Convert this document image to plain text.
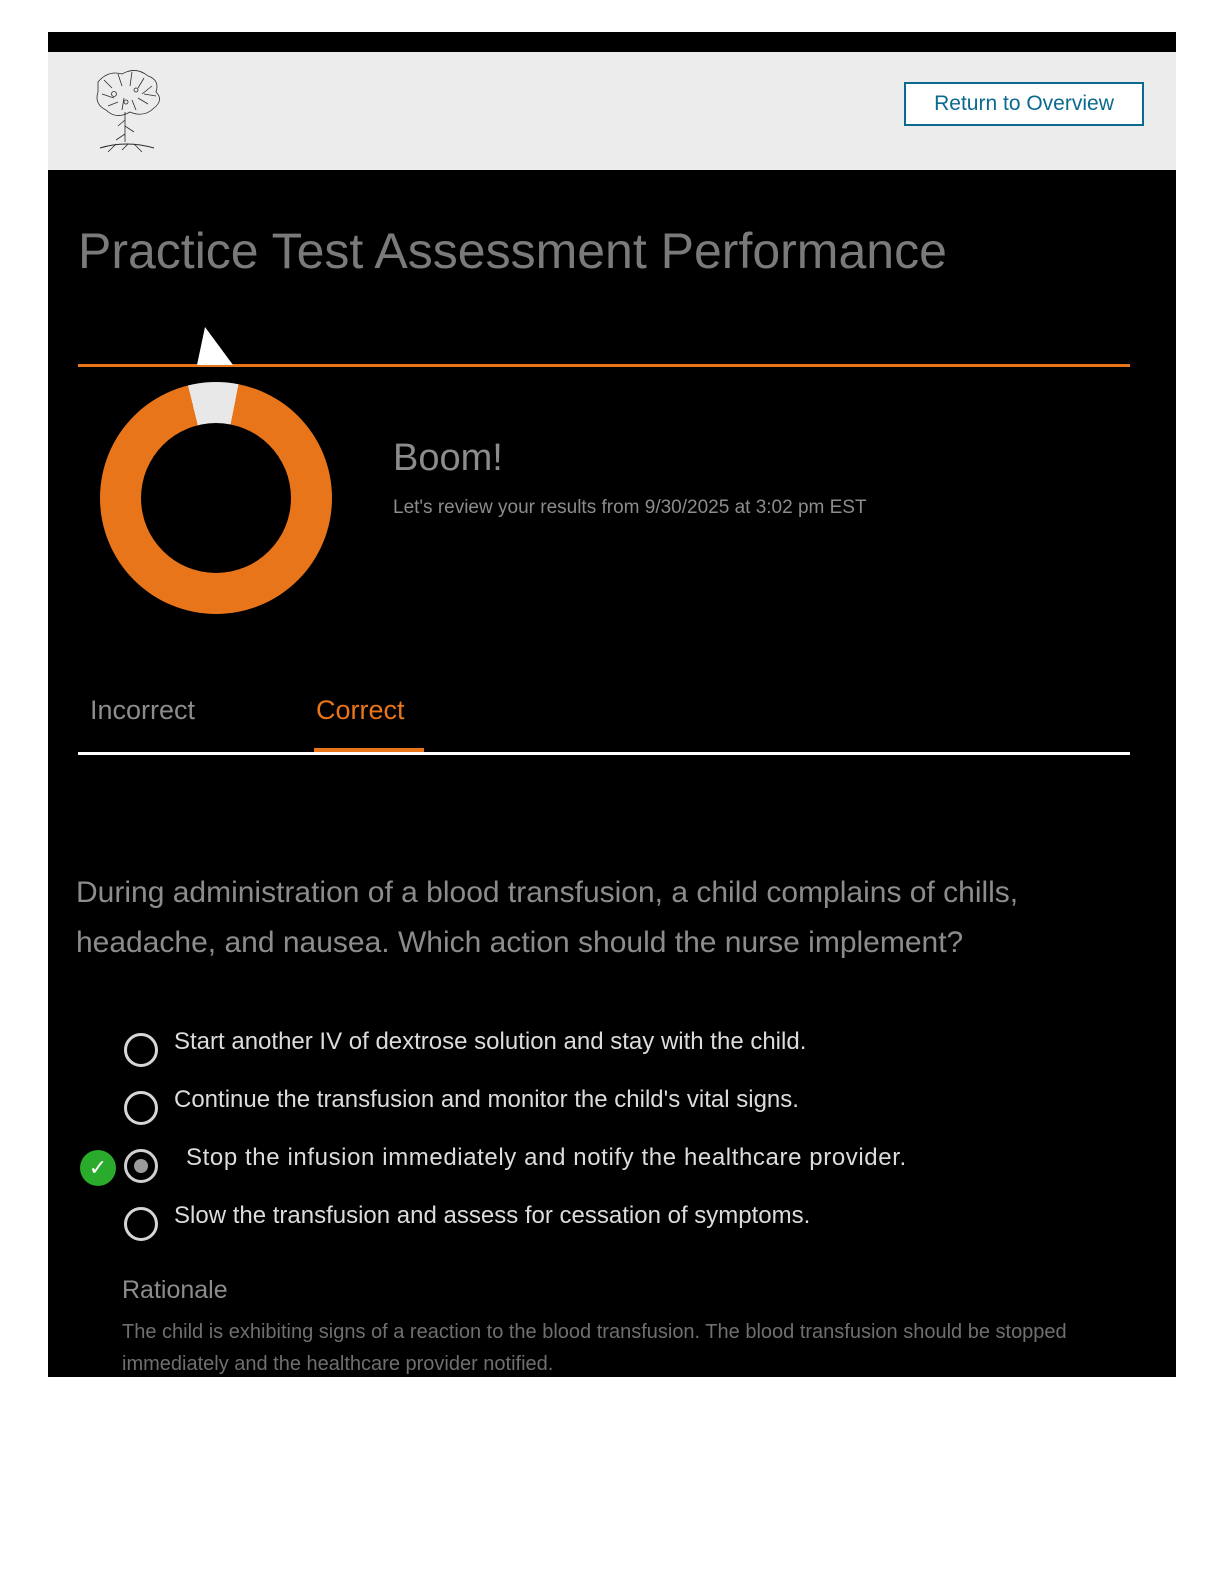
Return to Overview
Practice Test Assessment Performance
Boom!
Let's review your results from 9/30/2025 at 3:02 pm EST
Incorrect	Correct
During administration of a blood transfusion, a child complains of chills, headache, and nausea. Which action should the nurse implement?
Start another IV of dextrose solution and stay with the child.
Continue the transfusion and monitor the child's vital signs.
✓	Stop the infusion immediately and notify the healthcare provider.
Slow the transfusion and assess for cessation of symptoms.
Rationale
The child is exhibiting signs of a reaction to the blood transfusion. The blood transfusion should be stopped immediately and the healthcare provider notified.
